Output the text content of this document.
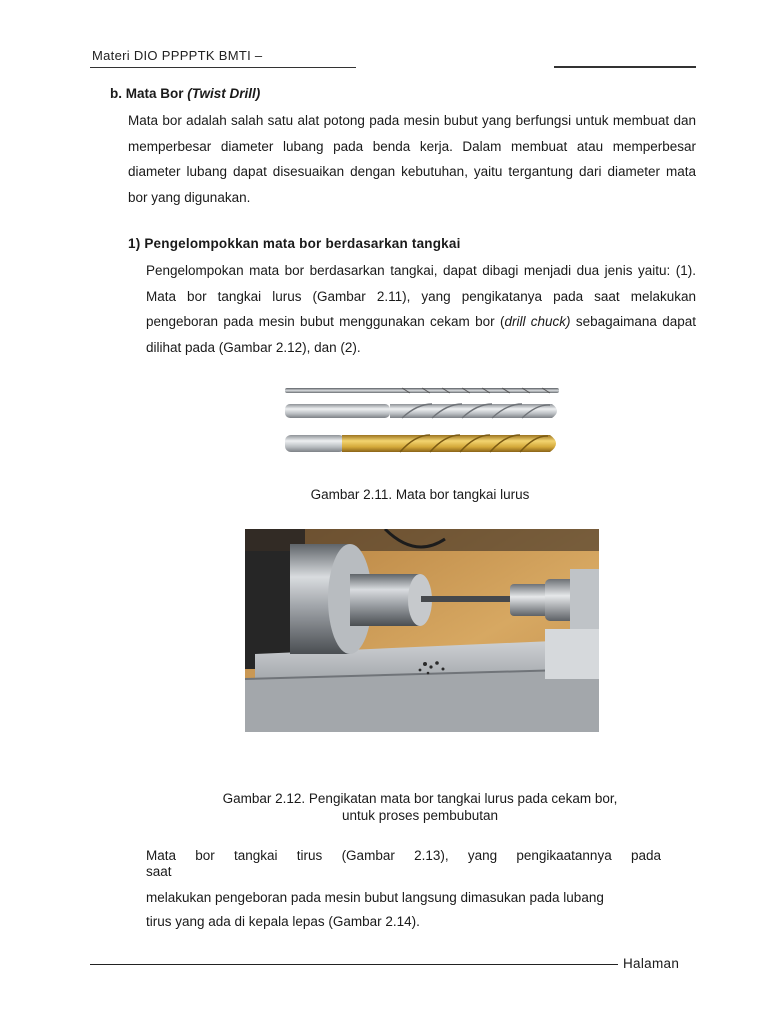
Materi DIO PPPPTK BMTI –
b. Mata Bor (Twist Drill)

Mata bor adalah salah satu alat potong pada mesin bubut yang berfungsi untuk membuat dan memperbesar diameter lubang pada benda kerja. Dalam membuat atau memperbesar diameter lubang dapat disesuaikan dengan kebutuhan, yaitu tergantung dari diameter mata bor yang digunakan.

1) Pengelompokkan mata bor berdasarkan tangkai

Pengelompokan mata bor berdasarkan tangkai, dapat dibagi menjadi dua jenis yaitu: (1). Mata bor tangkai lurus (Gambar 2.11), yang pengikatanya pada saat melakukan pengeboran pada mesin bubut menggunakan cekam bor (drill chuck) sebagaimana dapat dilihat pada (Gambar 2.12), dan (2).

Gambar 2.11. Mata bor tangkai lurus
Gambar 2.12. Pengikatan mata bor tangkai lurus pada cekam bor,
untuk proses pembubutan

Mata bor tangkai tirus (Gambar 2.13), yang pengikaatannya pada

saat
melakukan pengeboran pada mesin bubut langsung dimasukan pada lubang
tirus yang ada di kepala lepas (Gambar 2.14).
Halaman
